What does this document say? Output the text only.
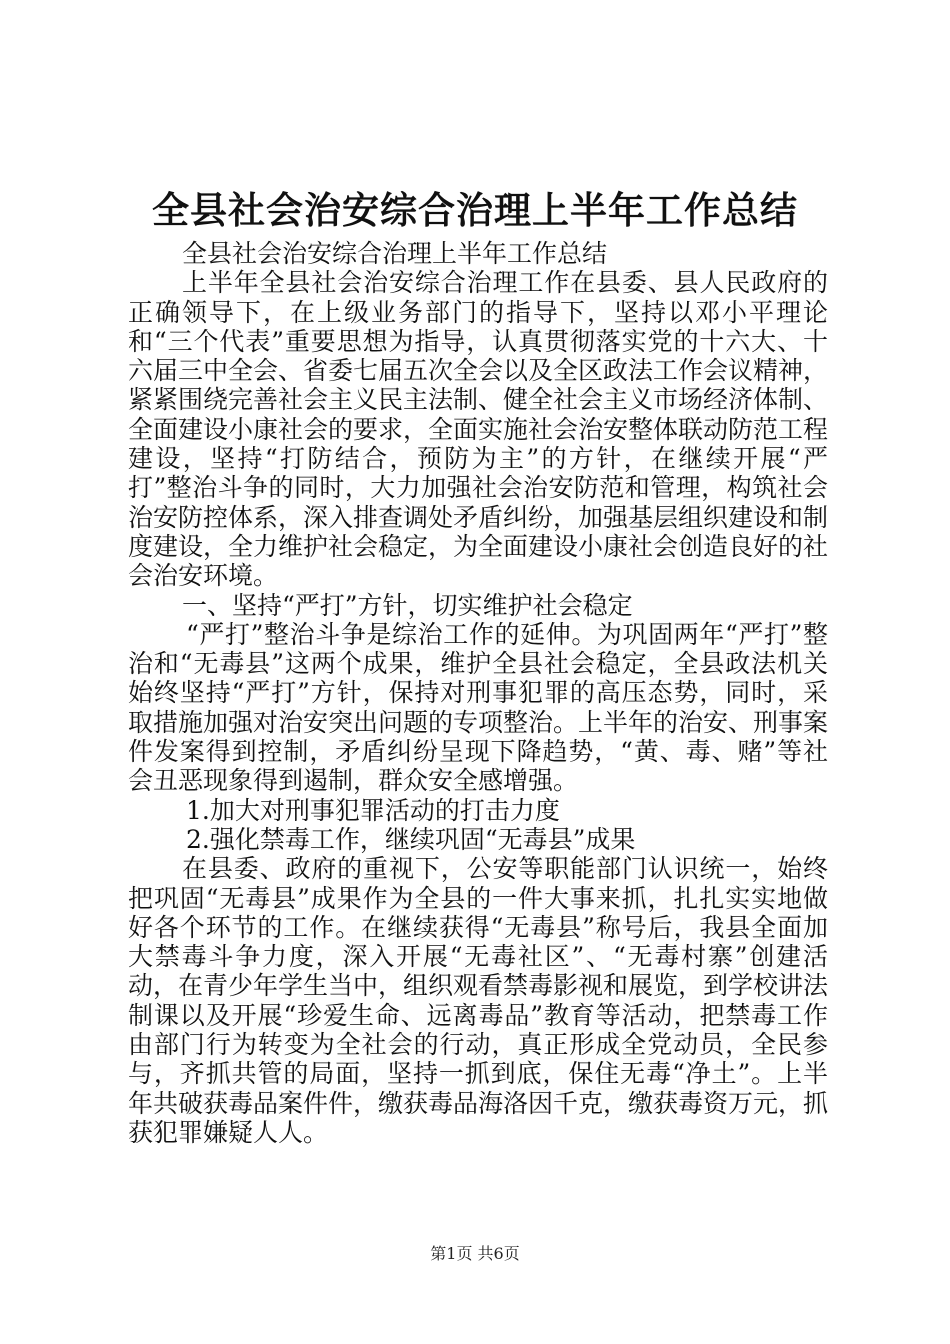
全县社会治安综合治理上半年工作总结

全县社会治安综合治理上半年工作总结

上半年全县社会治安综合治理工作在县委、县人民政府的正确领导下，在上级业务部门的指导下，坚持以邓小平理论和“三个代表”重要思想为指导，认真贯彻落实党的十六大、十六届三中全会、省委七届五次全会以及全区政法工作会议精神，紧紧围绕完善社会主义民主法制、健全社会主义市场经济体制、全面建设小康社会的要求，全面实施社会治安整体联动防范工程建设，坚持“打防结合，预防为主”的方针，在继续开展“严打”整治斗争的同时，大力加强社会治安防范和管理，构筑社会治安防控体系，深入排查调处矛盾纠纷，加强基层组织建设和制度建设，全力维护社会稳定，为全面建设小康社会创造良好的社会治安环境。

一、坚持“严打”方针，切实维护社会稳定

“严打”整治斗争是综治工作的延伸。为巩固两年“严打”整治和“无毒县”这两个成果，维护全县社会稳定，全县政法机关始终坚持“严打”方针，保持对刑事犯罪的高压态势，同时，采取措施加强对治安突出问题的专项整治。上半年的治安、刑事案件发案得到控制，矛盾纠纷呈现下降趋势，“黄、毒、赌”等社会丑恶现象得到遏制，群众安全感增强。

1.加大对刑事犯罪活动的打击力度

2.强化禁毒工作，继续巩固“无毒县”成果

在县委、政府的重视下，公安等职能部门认识统一，始终把巩固“无毒县”成果作为全县的一件大事来抓，扎扎实实地做好各个环节的工作。在继续获得“无毒县”称号后，我县全面加大禁毒斗争力度，深入开展“无毒社区”、“无毒村寨”创建活动，在青少年学生当中，组织观看禁毒影视和展览，到学校讲法制课以及开展“珍爱生命、远离毒品”教育等活动，把禁毒工作由部门行为转变为全社会的行动，真正形成全党动员，全民参与，齐抓共管的局面，坚持一抓到底，保住无毒“净土”。上半年共破获毒品案件件，缴获毒品海洛因千克，缴获毒资万元，抓获犯罪嫌疑人人。

第1页 共6页
